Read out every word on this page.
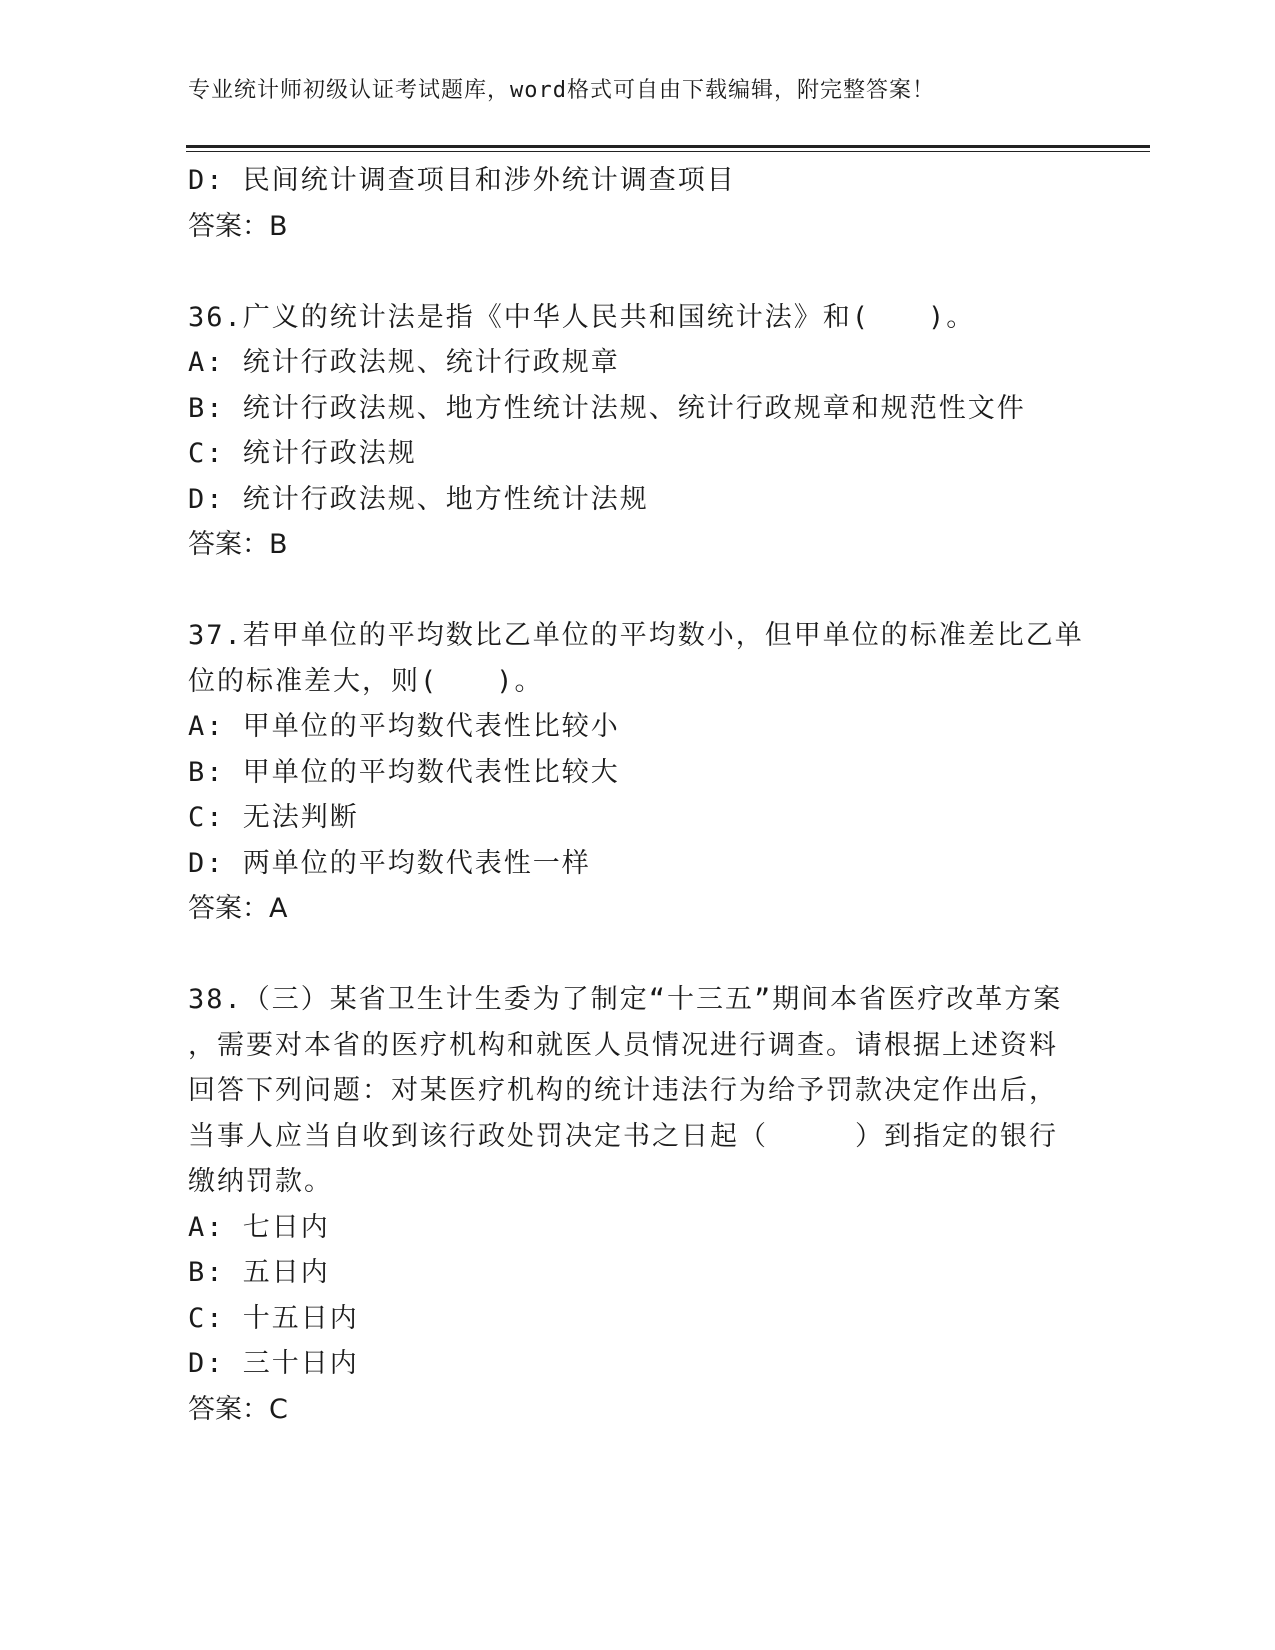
专业统计师初级认证考试题库，word格式可自由下载编辑，附完整答案！

D: 民间统计调查项目和涉外统计调查项目

答案：B

36.广义的统计法是指《中华人民共和国统计法》和(　　)。

A: 统计行政法规、统计行政规章

B: 统计行政法规、地方性统计法规、统计行政规章和规范性文件

C: 统计行政法规

D: 统计行政法规、地方性统计法规

答案：B

37.若甲单位的平均数比乙单位的平均数小，但甲单位的标准差比乙单

位的标准差大，则(　　)。

A: 甲单位的平均数代表性比较小

B: 甲单位的平均数代表性比较大

C: 无法判断

D: 两单位的平均数代表性一样

答案：A

38.（三）某省卫生计生委为了制定“十三五”期间本省医疗改革方案

，需要对本省的医疗机构和就医人员情况进行调查。请根据上述资料

回答下列问题：对某医疗机构的统计违法行为给予罚款决定作出后，

当事人应当自收到该行政处罚决定书之日起（　　　）到指定的银行

缴纳罚款。

A: 七日内

B: 五日内

C: 十五日内

D: 三十日内

答案：C
